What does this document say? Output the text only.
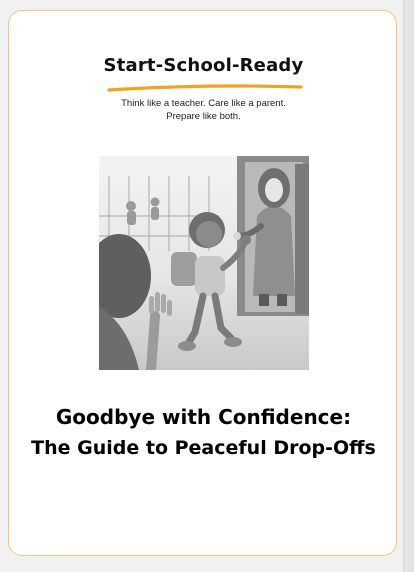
Start-School-Ready
Think like a teacher. Care like a parent.
Prepare like both.
Goodbye with Confidence:
The Guide to Peaceful Drop-Offs
